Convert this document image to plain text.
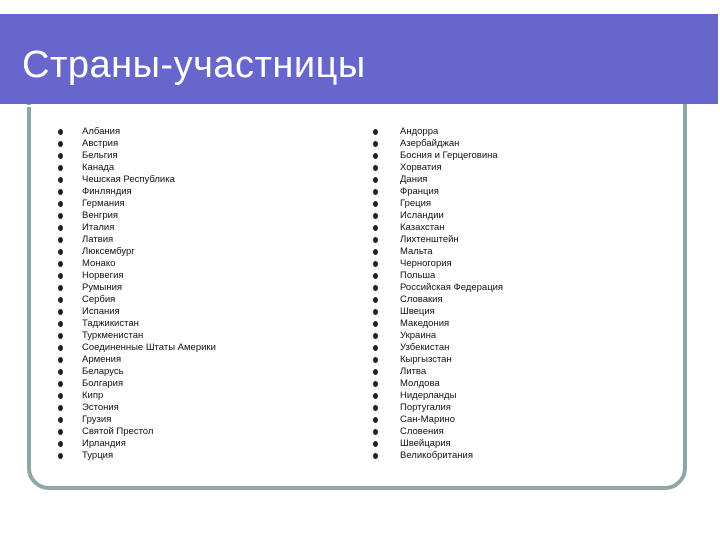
Страны-участницы
Албания
Австрия
Бельгия
Канада
Чешская Республика
Финляндия
Германия
Венгрия
Италия
Латвия
Люксембург
Монако
Норвегия
Румыния
Сербия
Испания
Таджикистан
Туркменистан
Соединенные Штаты Америки
Армения
Беларусь
Болгария
Кипр
Эстония
Грузия
Святой Престол
Ирландия
Турция
Андорра
Азербайджан
Босния и Герцеговина
Хорватия
Дания
Франция
Греция
Исландии
Казахстан
Лихтенштейн
Мальта
Черногория
Польша
Российская Федерация
Словакия
Швеция
Македония
Украина
Узбекистан
Кыргызстан
Литва
Молдова
Нидерланды
Португалия
Сан-Марино
Словения
Швейцария
Великобритания
